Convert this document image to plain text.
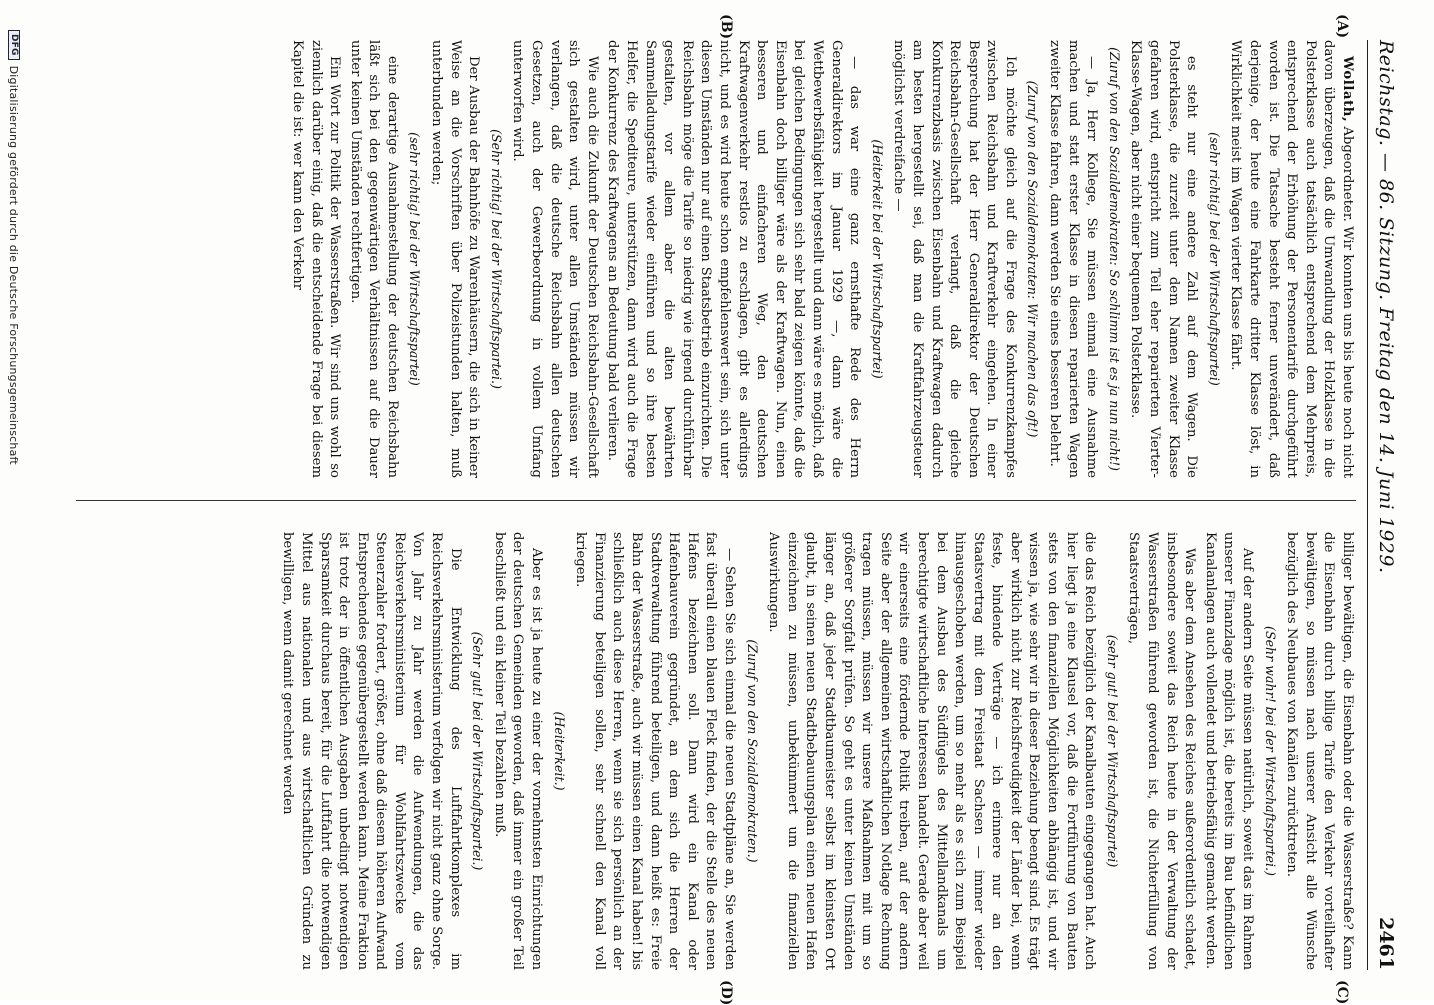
Reichstag. — 86. Sitzung. Freitag den 14. Juni 1929.
2461
(A)
(B)
(C)
(D)

Wollath, Abgeordneter. Wir konnten uns bis heute noch nicht davon überzeugen, daß die Umwandlung der Holzklasse in die Polsterklasse auch tatsächlich entsprechend dem Mehrpreis, entsprechend der Erhöhung der Personentarife durchgeführt worden ist. Die Tatsache besteht ferner unverändert, daß derjenige, der heute eine Fahrkarte dritter Klasse löst, in Wirklichkeit meist im Wagen vierter Klasse fährt.

(sehr richtig! bei der Wirtschaftspartei)

es steht nur eine andere Zahl auf dem Wagen. Die Polsterklasse, die zurzeit unter dem Namen zweiter Klasse gefahren wird, entspricht zum Teil eher reparierten Vierter-Klasse-Wagen, aber nicht einer bequemen Polsterklasse.

(Zuruf von den Sozialdemokraten: So schlimm ist es ja nun nicht!)

— Ja, Herr Kollege, Sie müssen einmal eine Ausnahme machen und statt erster Klasse in diesen reparierten Wagen zweiter Klasse fahren, dann werden Sie eines besseren belehrt.

(Zuruf von den Sozialdemokraten: Wir machen das oft!)

Ich möchte gleich auf die Frage des Konkurrenzkampfes zwischen Reichsbahn und Kraftverkehr eingehen. In einer Besprechung hat der Herr Generaldirektor der Deutschen Reichsbahn-Gesellschaft verlangt, daß die gleiche Konkurrenzbasis zwischen Eisenbahn und Kraftwagen dadurch am besten hergestellt sei, daß man die Kraftfahrzeugsteuer möglichst verdreifache —

(Heiterkeit bei der Wirtschaftspartei)

— das war eine ganz ernsthafte Rede des Herrn Generaldirektors im Januar 1929 —, dann wäre die Wettbewerbsfähigkeit hergestellt und dann wäre es möglich, daß bei gleichen Bedingungen sich sehr bald zeigen könnte, daß die Eisenbahn doch billiger wäre als der Kraftwagen. Nun, einen besseren und einfacheren Weg, den deutschen Kraftwagenverkehr restlos zu erschlagen, gibt es allerdings nicht, und es wird heute schon empfehlenswert sein, sich unter diesen Umständen nur auf einen Staatsbetrieb einzurichten. Die Reichsbahn möge die Tarife so niedrig wie irgend durchführbar gestalten, vor allem aber die alten bewährten Sammelladungstarife wieder einführen und so ihre besten Helfer, die Spediteure, unterstützen, dann wird auch die Frage der Konkurrenz des Kraftwagens an Bedeutung bald verlieren.

Wie auch die Zukunft der Deutschen Reichsbahn-Gesellschaft sich gestalten wird, unter allen Umständen müssen wir verlangen, daß die deutsche Reichsbahn allen deutschen Gesetzen, auch der Gewerbeordnung in vollem Umfang unterworfen wird.

(Sehr richtig! bei der Wirtschaftspartei.)

Der Ausbau der Bahnhöfe zu Warenhäusern, die sich in keiner Weise an die Vorschriften über Polizeistunden halten, muß unterbunden werden;

(sehr richtig! bei der Wirtschaftspartei)

eine derartige Ausnahmestellung der deutschen Reichsbahn läßt sich bei den gegenwärtigen Verhältnissen auf die Dauer unter keinen Umständen rechtfertigen.

Ein Wort zur Politik der Wasserstraßen. Wir sind uns wohl so ziemlich darüber einig, daß die entscheidende Frage bei diesem Kapitel die ist: wer kann den Verkehr

billiger bewältigen, die Eisenbahn oder die Wasserstraße? Kann die Eisenbahn durch billige Tarife den Verkehr vorteilhafter bewältigen, so müssen nach unserer Ansicht alle Wünsche bezüglich des Neubaues von Kanälen zurücktreten.

(Sehr wahr! bei der Wirtschaftspartei.)

Auf der andern Seite müssen natürlich, soweit das im Rahmen unserer Finanzlage möglich ist, die bereits im Bau befindlichen Kanalanlagen auch vollendet und betriebsfähig gemacht werden.

Was aber dem Ansehen des Reiches außerordentlich schadet, insbesondere soweit das Reich heute in der Verwaltung der Wasserstraßen führend geworden ist, die Nichterfüllung von Staatsverträgen,

(sehr gut! bei der Wirtschaftspartei)

die das Reich bezüglich der Kanalbauten eingegangen hat. Auch hier liegt ja eine Klausel vor, daß die Fortführung von Bauten stets von den finanziellen Möglichkeiten abhängig ist, und wir wissen ja, wie sehr wir in dieser Beziehung beengt sind. Es trägt aber wirklich nicht zur Reichsfreudigkeit der Länder bei, wenn feste, bindende Verträge — ich erinnere nur an den Staatsvertrag mit dem Freistaat Sachsen — immer wieder hinausgeschoben werden, um so mehr als es sich zum Beispiel bei dem Ausbau des Südflügels des Mittellandkanals um berechtigte wirtschaftliche Interessen handelt. Gerade aber weil wir einerseits eine fördernde Politik treiben, auf der andern Seite aber der allgemeinen wirtschaftlichen Notlage Rechnung tragen müssen, müssen wir unsere Maßnahmen mit um so größerer Sorgfalt prüfen. So geht es unter keinen Umständen länger an, daß jeder Stadtbaumeister selbst im kleinsten Ort glaubt, in seinen neuen Stadtbebauungsplan einen neuen Hafen einzeichnen zu müssen, unbekümmert um die finanziellen Auswirkungen.

(Zuruf von den Sozialdemokraten.)

— Sehen Sie sich einmal die neuen Stadtpläne an, Sie werden fast überall einen blauen Fleck finden, der die Stelle des neuen Hafens bezeichnen soll. Dann wird ein Kanal oder Hafenbauverein gegründet, an dem sich die Herren der Stadtverwaltung führend beteiligen, und dann heißt es: Freie Bahn der Wasserstraße, auch wir müssen einen Kanal haben! bis schließlich auch diese Herren, wenn sie sich persönlich an der Finanzierung beteiligen sollen, sehr schnell den Kanal voll kriegen.

(Heiterkeit.)

Aber es ist ja heute zu einer der vornehmsten Einrichtungen der deutschen Gemeinden geworden, daß immer ein großer Teil beschließt und ein kleiner Teil bezahlen muß.

(Sehr gut! bei der Wirtschaftspartei.)

Die Entwicklung des Luftfahrtkomplexes im Reichsverkehrsministerium verfolgen wir nicht ganz ohne Sorge. Von Jahr zu Jahr werden die Aufwendungen, die das Reichsverkehrsministerium für Wohlfahrtszwecke vom Steuerzahler fordert, größer, ohne daß diesem höheren Aufwand Entsprechendes gegenübergestellt werden kann. Meine Fraktion ist trotz der in öffentlichen Ausgaben unbedingt notwendigen Sparsamkeit durchaus bereit, für die Luftfahrt die notwendigen Mittel aus nationalen und aus wirtschaftlichen Gründen zu bewilligen, wenn damit gerechnet werden

DFG
Digitalisierung gefördert durch die Deutsche Forschungsgemeinschaft
